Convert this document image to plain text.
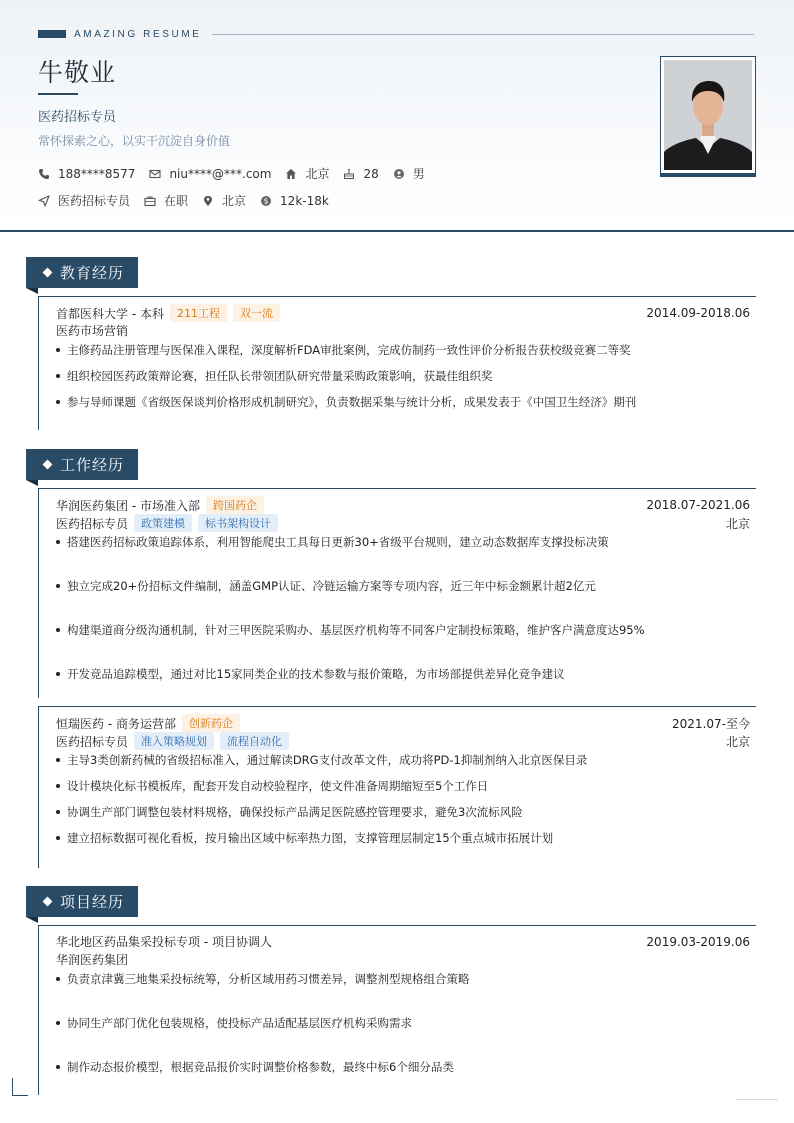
AMAZING RESUME
牛敬业
医药招标专员
常怀探索之心，以实干沉淀自身价值
188****8577	niu****@***.com	北京	28	男
医药招标专员	在职	北京 $ 12k-18k
教育经历
首都医科大学 - 本科	211工程	双一流	2014.09-2018.06
医药市场营销
主修药品注册管理与医保准入课程，深度解析FDA审批案例，完成仿制药一致性评价分析报告获校级竞赛二等奖
组织校园医药政策辩论赛，担任队长带领团队研究带量采购政策影响，获最佳组织奖
参与导师课题《省级医保谈判价格形成机制研究》，负责数据采集与统计分析，成果发表于《中国卫生经济》期刊
工作经历
华润医药集团 - 市场准入部	跨国药企	2018.07-2021.06
医药招标专员	政策建模	标书架构设计	北京
搭建医药招标政策追踪体系，利用智能爬虫工具每日更新30+省级平台规则，建立动态数据库支撑投标决策
独立完成20+份招标文件编制，涵盖GMP认证、冷链运输方案等专项内容，近三年中标金额累计超2亿元
构建渠道商分级沟通机制，针对三甲医院采购办、基层医疗机构等不同客户定制投标策略，维护客户满意度达95%
开发竞品追踪模型，通过对比15家同类企业的技术参数与报价策略，为市场部提供差异化竞争建议
恒瑞医药 - 商务运营部	创新药企	2021.07-至今
医药招标专员	准入策略规划	流程自动化	北京
主导3类创新药械的省级招标准入，通过解读DRG支付改革文件，成功将PD-1抑制剂纳入北京医保目录
设计模块化标书模板库，配套开发自动校验程序，使文件准备周期缩短至5个工作日
协调生产部门调整包装材料规格，确保投标产品满足医院感控管理要求，避免3次流标风险
建立招标数据可视化看板，按月输出区域中标率热力图，支撑管理层制定15个重点城市拓展计划
项目经历
华北地区药品集采投标专项 - 项目协调人	2019.03-2019.06
华润医药集团
负责京津冀三地集采投标统筹，分析区域用药习惯差异，调整剂型规格组合策略
协同生产部门优化包装规格，使投标产品适配基层医疗机构采购需求
制作动态报价模型，根据竞品报价实时调整价格参数，最终中标6个细分品类
